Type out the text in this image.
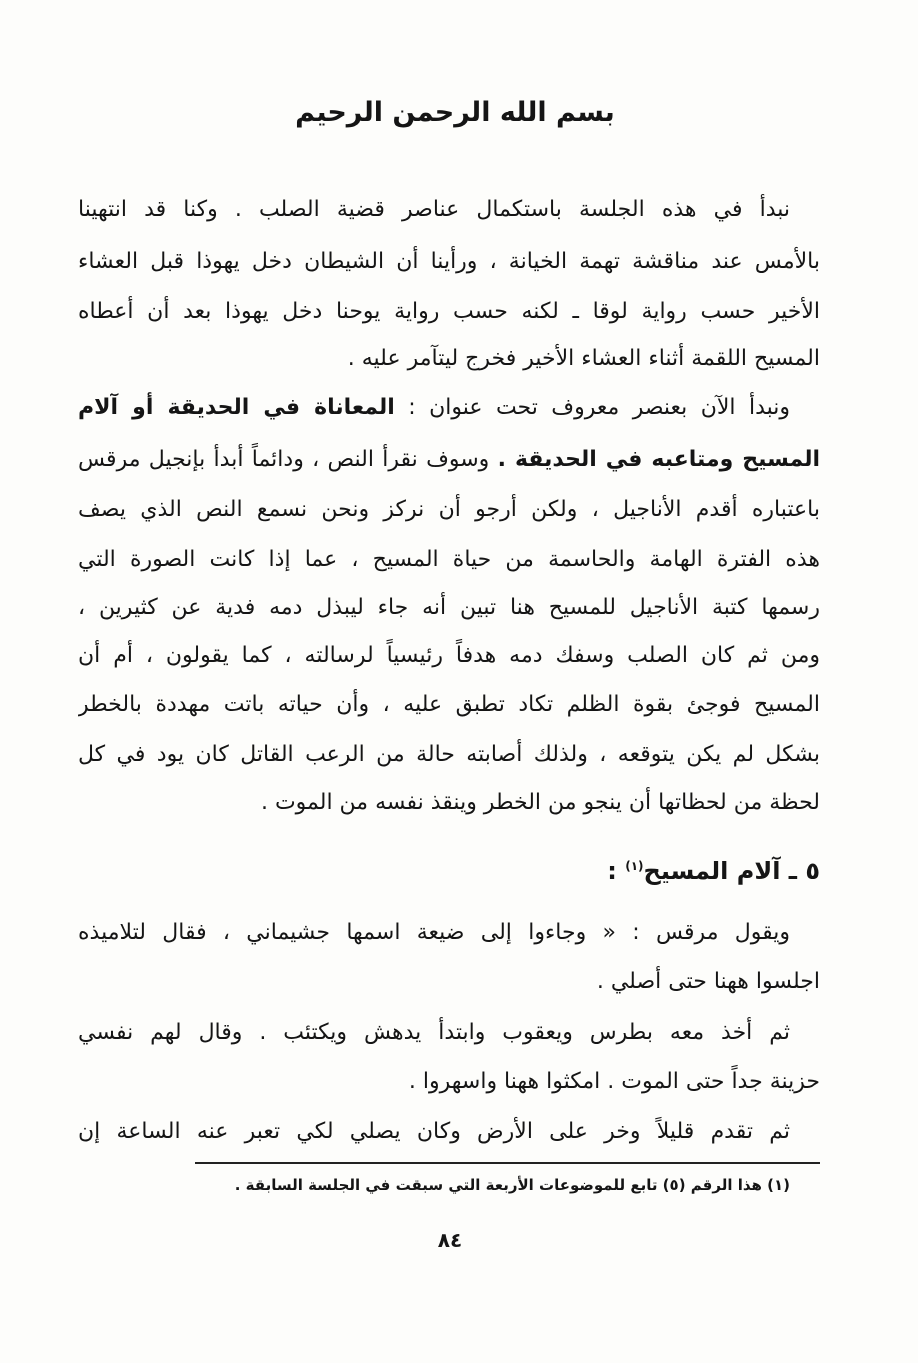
بسم الله الرحمن الرحيم
نبدأ في هذه الجلسة باستكمال عناصر قضية الصلب . وكنا قد انتهينا
بالأمس عند مناقشة تهمة الخيانة ، ورأينا أن الشيطان دخل يهوذا قبل العشاء
الأخير حسب رواية لوقا ـ لكنه حسب رواية يوحنا دخل يهوذا بعد أن أعطاه
المسيح اللقمة أثناء العشاء الأخير فخرج ليتآمر عليه .
ونبدأ الآن بعنصر معروف تحت عنوان : المعاناة في الحديقة أو آلام
المسيح ومتاعبه في الحديقة . وسوف نقرأ النص ، ودائماً أبدأ بإنجيل مرقس
باعتباره أقدم الأناجيل ، ولكن أرجو أن نركز ونحن نسمع النص الذي يصف
هذه الفترة الهامة والحاسمة من حياة المسيح ، عما إذا كانت الصورة التي
رسمها كتبة الأناجيل للمسيح هنا تبين أنه جاء ليبذل دمه فدية عن كثيرين ،
ومن ثم كان الصلب وسفك دمه هدفاً رئيسياً لرسالته ، كما يقولون ، أم أن
المسيح فوجئ بقوة الظلم تكاد تطبق عليه ، وأن حياته باتت مهددة بالخطر
بشكل لم يكن يتوقعه ، ولذلك أصابته حالة من الرعب القاتل كان يود في كل
لحظة من لحظاتها أن ينجو من الخطر وينقذ نفسه من الموت .
٥ ـ آلام المسيح$^{(١)}$ :
ويقول مرقس : « وجاءوا إلى ضيعة اسمها جشيماني ، فقال لتلاميذه
اجلسوا ههنا حتى أصلي .
ثم أخذ معه بطرس ويعقوب وابتدأ يدهش ويكتئب . وقال لهم نفسي
حزينة جداً حتى الموت . امكثوا ههنا واسهروا .
ثم تقدم قليلاً وخر على الأرض وكان يصلي لكي تعبر عنه الساعة إن
(١) هذا الرقم (٥) تابع للموضوعات الأربعة التي سبقت في الجلسة السابقة .
٨٤
